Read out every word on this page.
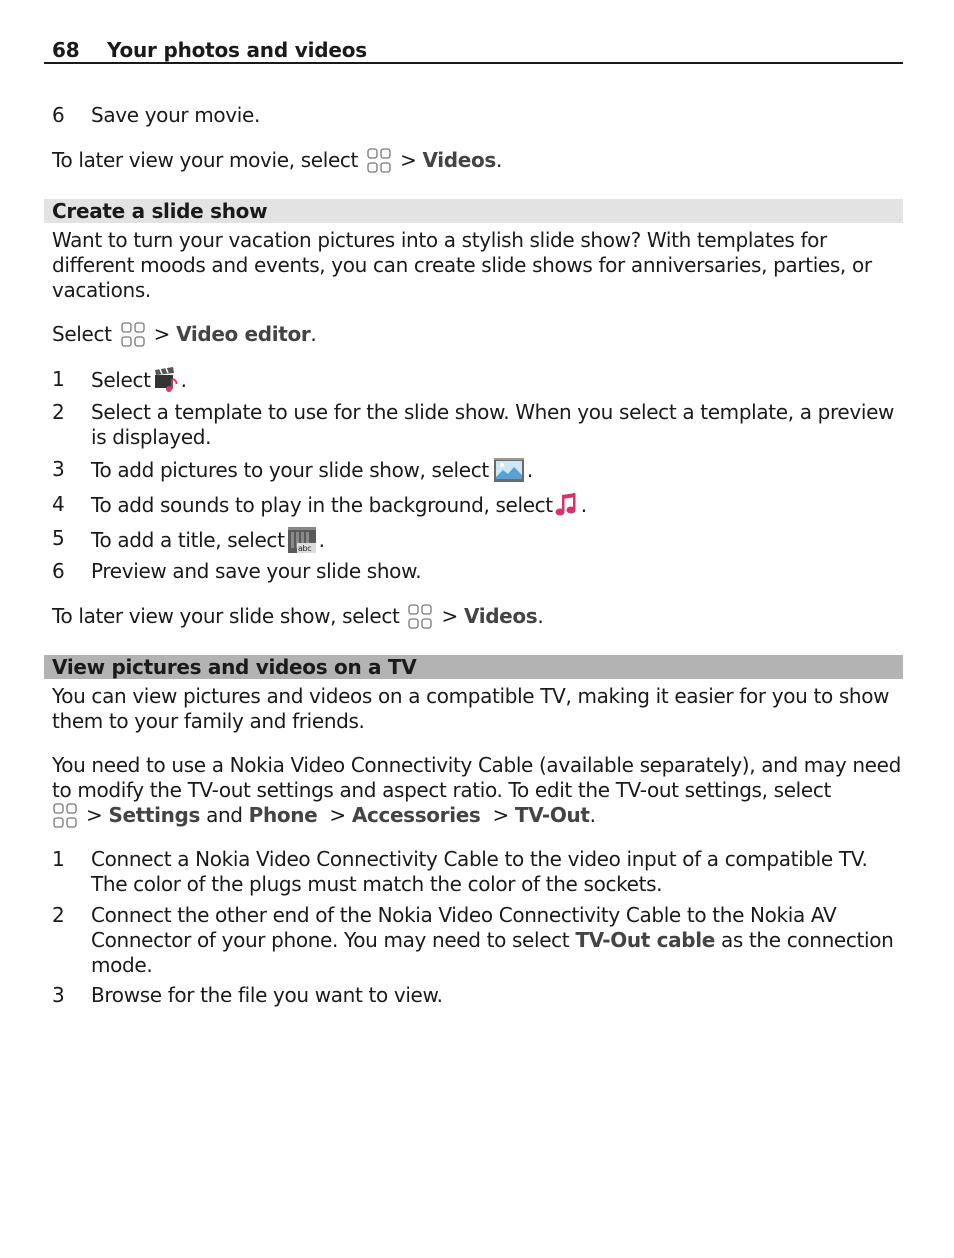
68 Your photos and videos
6	Save your movie.
To later view your movie, select > Videos.
Create a slide show
Want to turn your vacation pictures into a stylish slide show? With templates for different moods and events, you can create slide shows for anniversaries, parties, or vacations.
Select > Video editor.
1	Select .
2	Select a template to use for the slide show. When you select a template, a preview is displayed.
3	To add pictures to your slide show, select .
4	To add sounds to play in the background, select .
5	To add a title, select abc .
6	Preview and save your slide show.
To later view your slide show, select > Videos.
View pictures and videos on a TV
You can view pictures and videos on a compatible TV, making it easier for you to show them to your family and friends.
You need to use a Nokia Video Connectivity Cable (available separately), and may need to modify the TV-out settings and aspect ratio. To edit the TV-out settings, select
> Settings and Phone > Accessories > TV-Out.
1	Connect a Nokia Video Connectivity Cable to the video input of a compatible TV. The color of the plugs must match the color of the sockets.
2	Connect the other end of the Nokia Video Connectivity Cable to the Nokia AV Connector of your phone. You may need to select TV-Out cable as the connection mode.
3	Browse for the file you want to view.
